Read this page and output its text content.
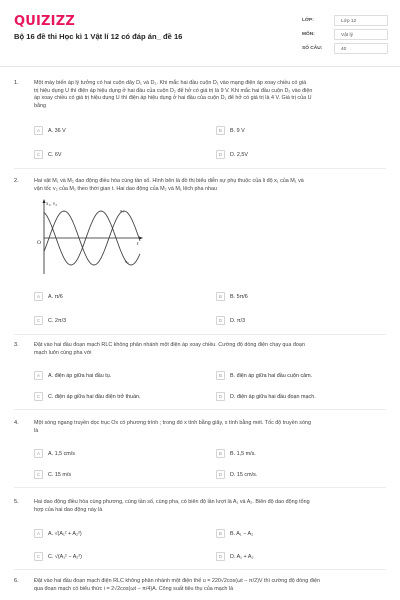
QUIZIZZ
Bộ 16 đề thi Học kì 1 Vật lí 12 có đáp án_ đề 16
LỚP:	Lớp 12
MÔN:	Vật lý
SỐ CÂU:	40
1.	Một máy biến áp lý tưởng có hai cuộn dây D₁ và D₂. Khi mắc hai đầu cuộn D₁ vào mạng điện áp xoay chiều có giá
trị hiệu dụng U thì điện áp hiệu dụng ở hai đầu của cuộn D₂ để hở có giá trị là 9 V. Khi mắc hai đầu cuộn D₂ vào điện
áp xoay chiều có giá trị hiệu dụng U thì điện áp hiệu dụng ở hai đầu của cuộn D₁ để hở có giá trị là 4 V. Giá trị của U
bằng
A	A. 36 V	B	B. 9 V
C	C. 6V	D	D. 2,5V
2.	Hai vật M₁ và M₂ dao động điều hòa cùng tần số. Hình bên là đồ thị biểu diễn sự phụ thuộc của li độ x₁ của M₁ và
vận tốc v₂ của M₂ theo thời gian t. Hai dao động của M₂ và M₁ lệch pha nhau
x₁, v₂
O	t
x₁
v₂
A	A. π/6	B	B. 5π/6
C	C. 2π/3	D	D. π/3
3.	Đặt vào hai đầu đoạn mạch RLC không phân nhánh một điện áp xoay chiều. Cường độ dòng điện chạy qua đoạn
mạch luôn cùng pha với
A	A. điện áp giữa hai đầu tụ.	B	B. điện áp giữa hai đầu cuộn cảm.
C	C. điện áp giữa hai đầu điện trở thuần.	D	D. điện áp giữa hai đầu đoạn mạch.
4.	Một sóng ngang truyền dọc trục Ox có phương trình ; trong đó x tính bằng giây, x tính bằng mét. Tốc độ truyền sóng
là
A	A. 1,5 cm/s	B	B. 1,5 m/s.
C	C. 15 m/s	D	D. 15 cm/s.
5.	Hai dao động điều hòa cùng phương, cùng tần số, cùng pha, có biên độ lần lượt là A₁ và A₂. Biên độ dao động tổng
hợp của hai dao động này là
A	A. √(A₁² + A₂²)	B	B. A₁ − A₂
C	C. √(A₁² − A₂²)	D	D. A₁ + A₂
6.	Đặt vào hai đầu đoạn mạch điện RLC không phân nhánh một điện thế u = 220√2cos(ωt − π/2)V thì cường độ dòng điện
qua đoạn mạch có biểu thức i = 2√2cos(ωt − π/4)A. Công suất tiêu thụ của mạch là
